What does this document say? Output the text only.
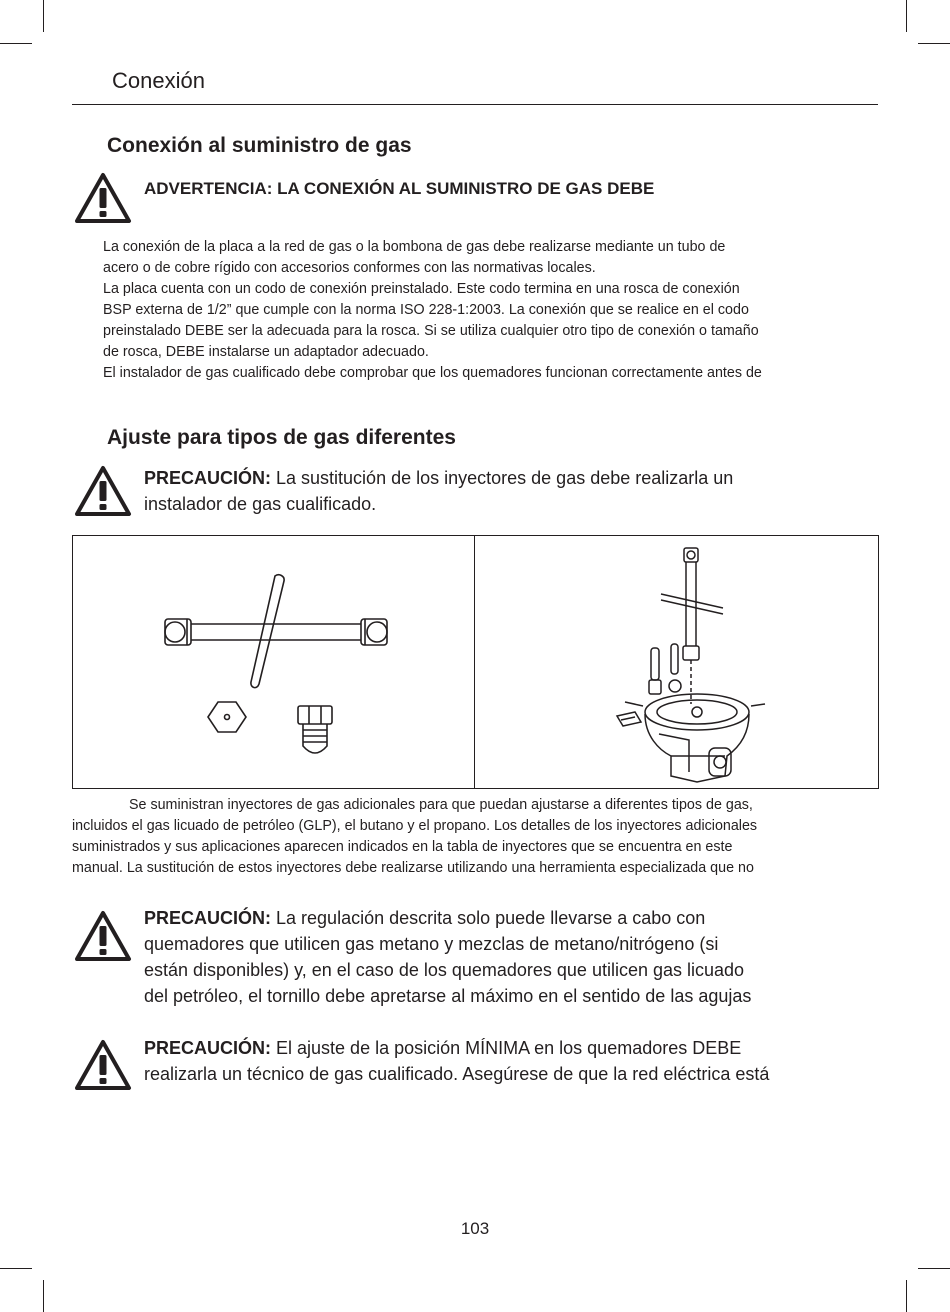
Conexión
Conexión al suministro de gas
ADVERTENCIA: LA CONEXIÓN AL SUMINISTRO DE GAS DEBE

La conexión de la placa a la red de gas o la bombona de gas debe realizarse mediante un tubo de

acero o de cobre rígido con accesorios conformes con las normativas locales.

La placa cuenta con un codo de conexión preinstalado. Este codo termina en una rosca de conexión

BSP externa de 1/2” que cumple con la norma ISO 228-1:2003. La conexión que se realice en el codo

preinstalado DEBE ser la adecuada para la rosca. Si se utiliza cualquier otro tipo de conexión o tamaño

de rosca, DEBE instalarse un adaptador adecuado.

El instalador de gas cualificado debe comprobar que los quemadores funcionan correctamente antes de

Ajuste para tipos de gas diferentes
PRECAUCIÓN: La sustitución de los inyectores de gas debe realizarla un
instalador de gas cualificado.

Se suministran inyectores de gas adicionales para que puedan ajustarse a diferentes tipos de gas,

incluidos el gas licuado de petróleo (GLP), el butano y el propano. Los detalles de los inyectores adicionales

suministrados y sus aplicaciones aparecen indicados en la tabla de inyectores que se encuentra en este

manual. La sustitución de estos inyectores debe realizarse utilizando una herramienta especializada que no

PRECAUCIÓN: La regulación descrita solo puede llevarse a cabo con
quemadores que utilicen gas metano y mezclas de metano/nitrógeno (si
están disponibles) y, en el caso de los quemadores que utilicen gas licuado
del petróleo, el tornillo debe apretarse al máximo en el sentido de las agujas
PRECAUCIÓN: El ajuste de la posición MÍNIMA en los quemadores DEBE
realizarla un técnico de gas cualificado. Asegúrese de que la red eléctrica está
103
